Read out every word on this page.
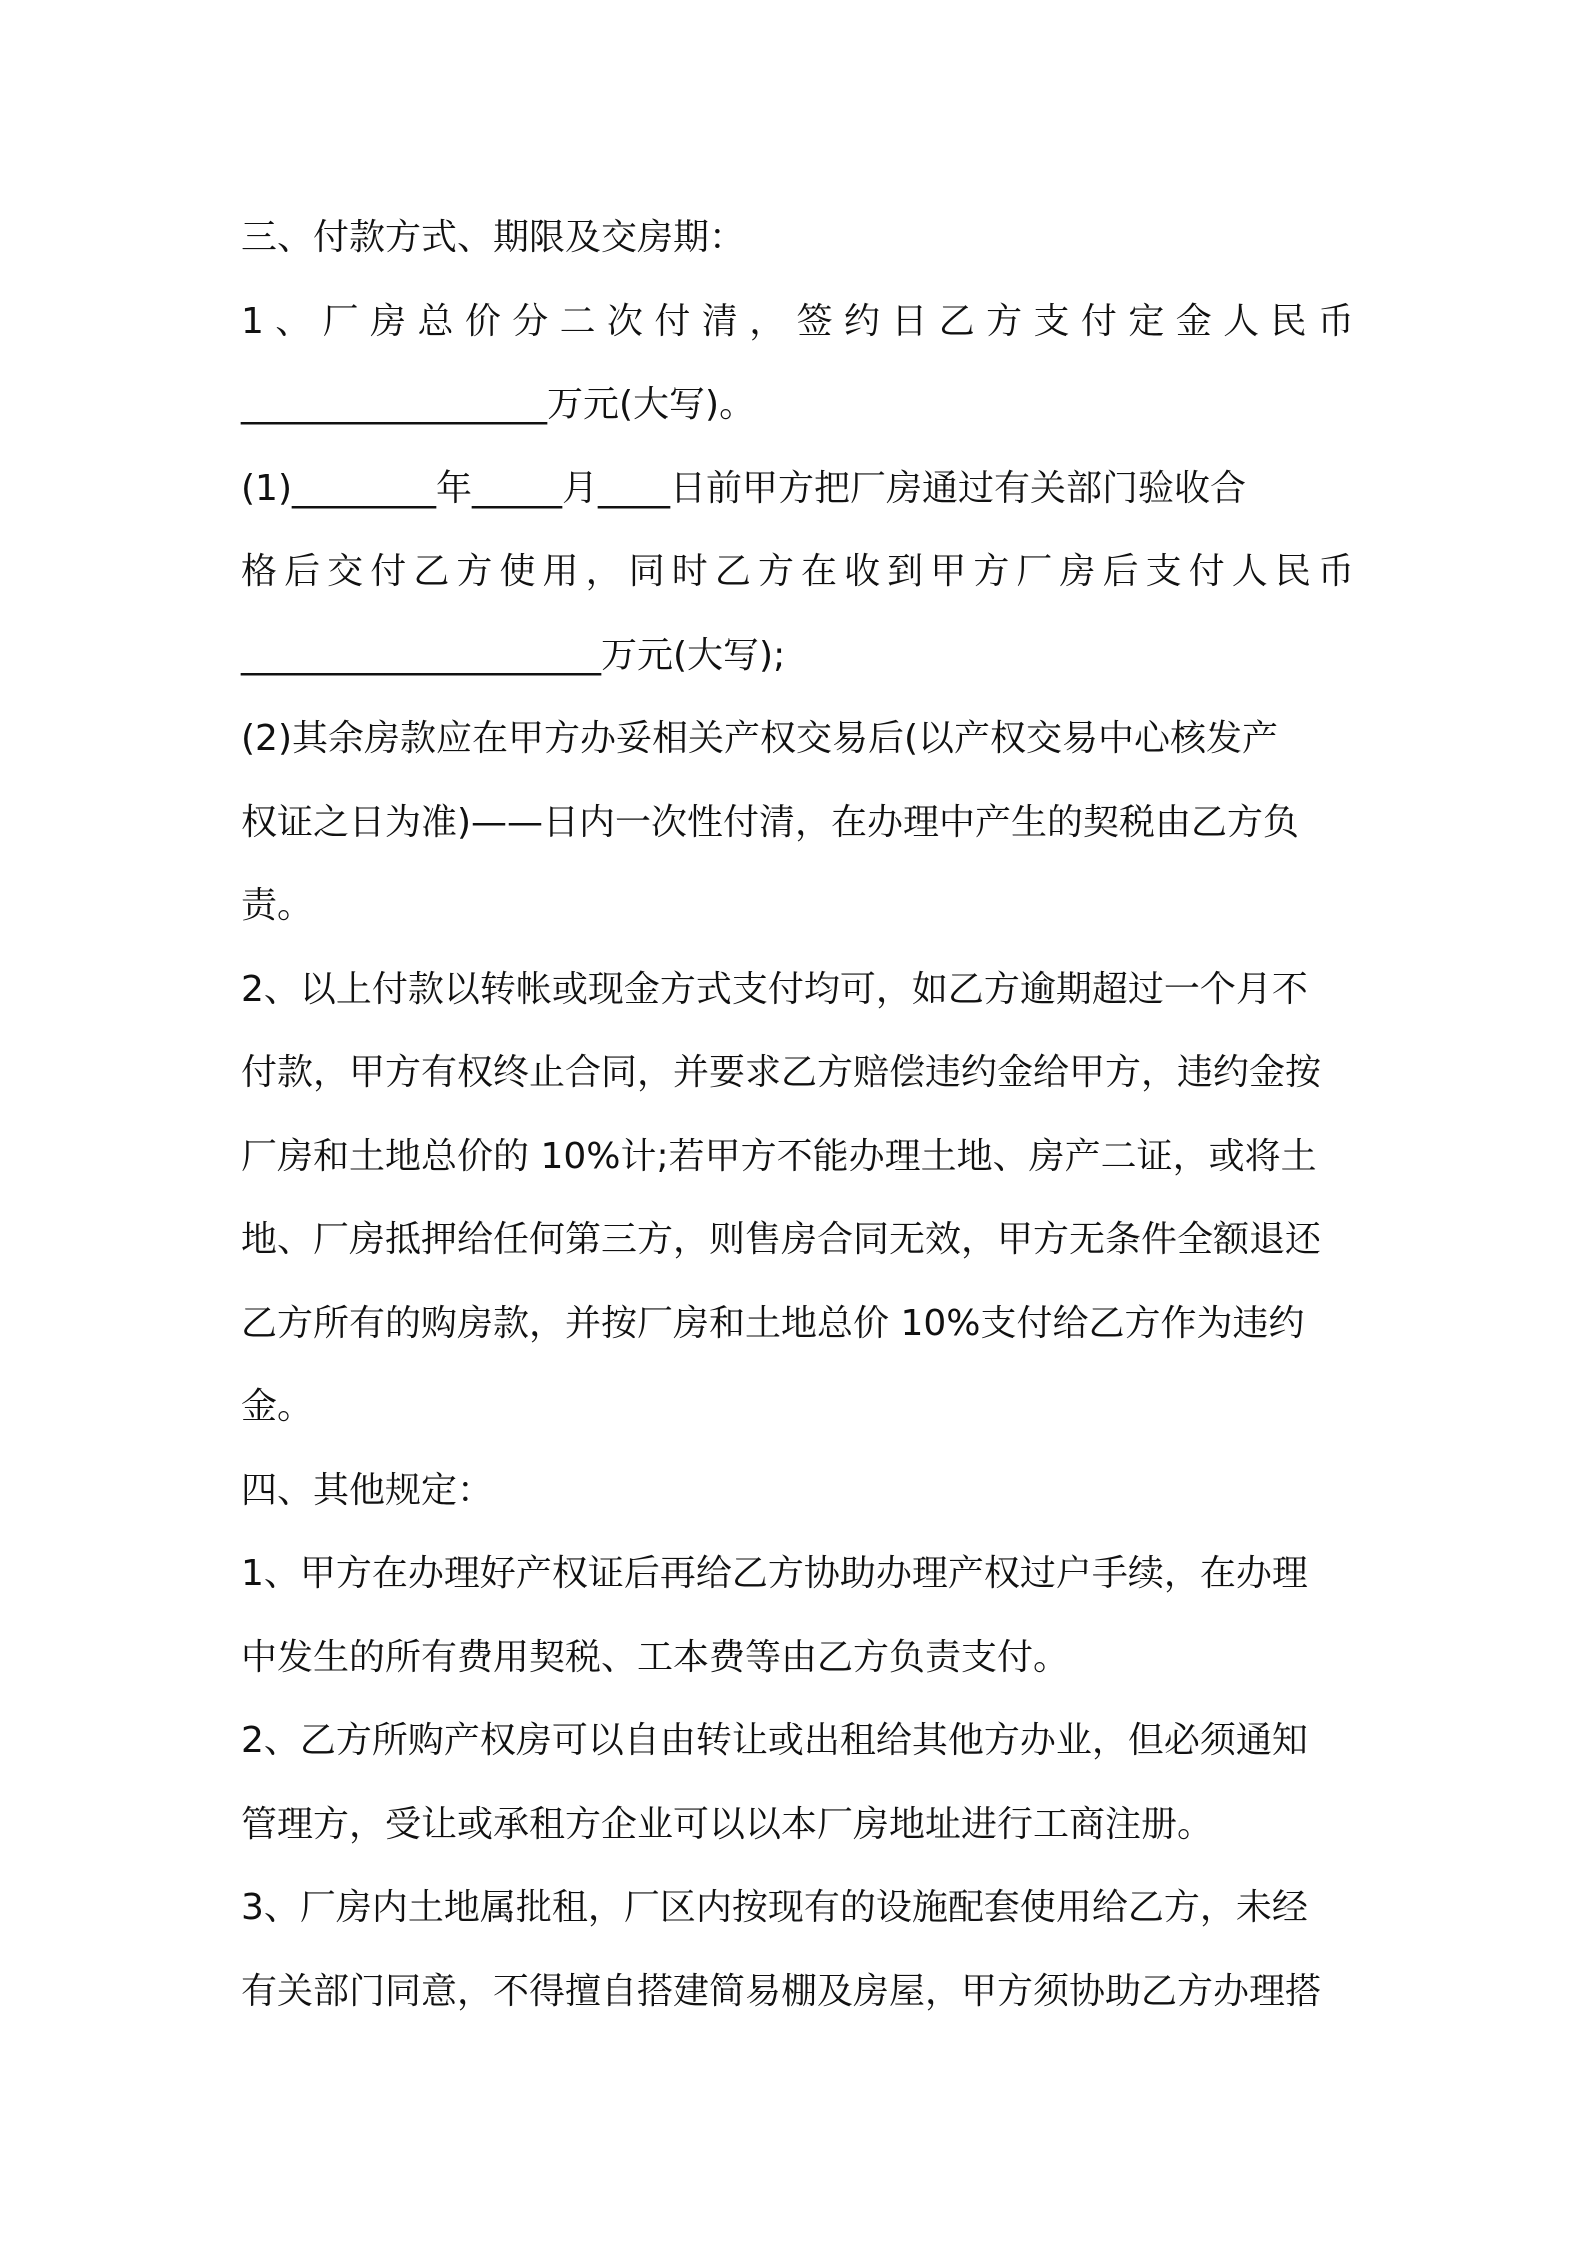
三、付款方式、期限及交房期：
1 、 厂 房 总 价 分 二 次 付 清 ， 签 约 日 乙 方 支 付 定 金 人 民 币
_________________万元(大写)。
(1)________年_____月____日前甲方把厂房通过有关部门验收合
格 后 交 付 乙 方 使 用 ， 同 时 乙 方 在 收 到 甲 方 厂 房 后 支 付 人 民 币
____________________万元(大写);
(2)其余房款应在甲方办妥相关产权交易后(以产权交易中心核发产
权证之日为准)——日内一次性付清，在办理中产生的契税由乙方负
责。
2、以上付款以转帐或现金方式支付均可，如乙方逾期超过一个月不
付款，甲方有权终止合同，并要求乙方赔偿违约金给甲方，违约金按
厂房和土地总价的 10%计;若甲方不能办理土地、房产二证，或将土
地、厂房抵押给任何第三方，则售房合同无效，甲方无条件全额退还
乙方所有的购房款，并按厂房和土地总价 10%支付给乙方作为违约
金。
四、其他规定：
1、甲方在办理好产权证后再给乙方协助办理产权过户手续，在办理
中发生的所有费用契税、工本费等由乙方负责支付。
2、乙方所购产权房可以自由转让或出租给其他方办业，但必须通知
管理方，受让或承租方企业可以以本厂房地址进行工商注册。
3、厂房内土地属批租，厂区内按现有的设施配套使用给乙方，未经
有关部门同意，不得擅自搭建简易棚及房屋，甲方须协助乙方办理搭
